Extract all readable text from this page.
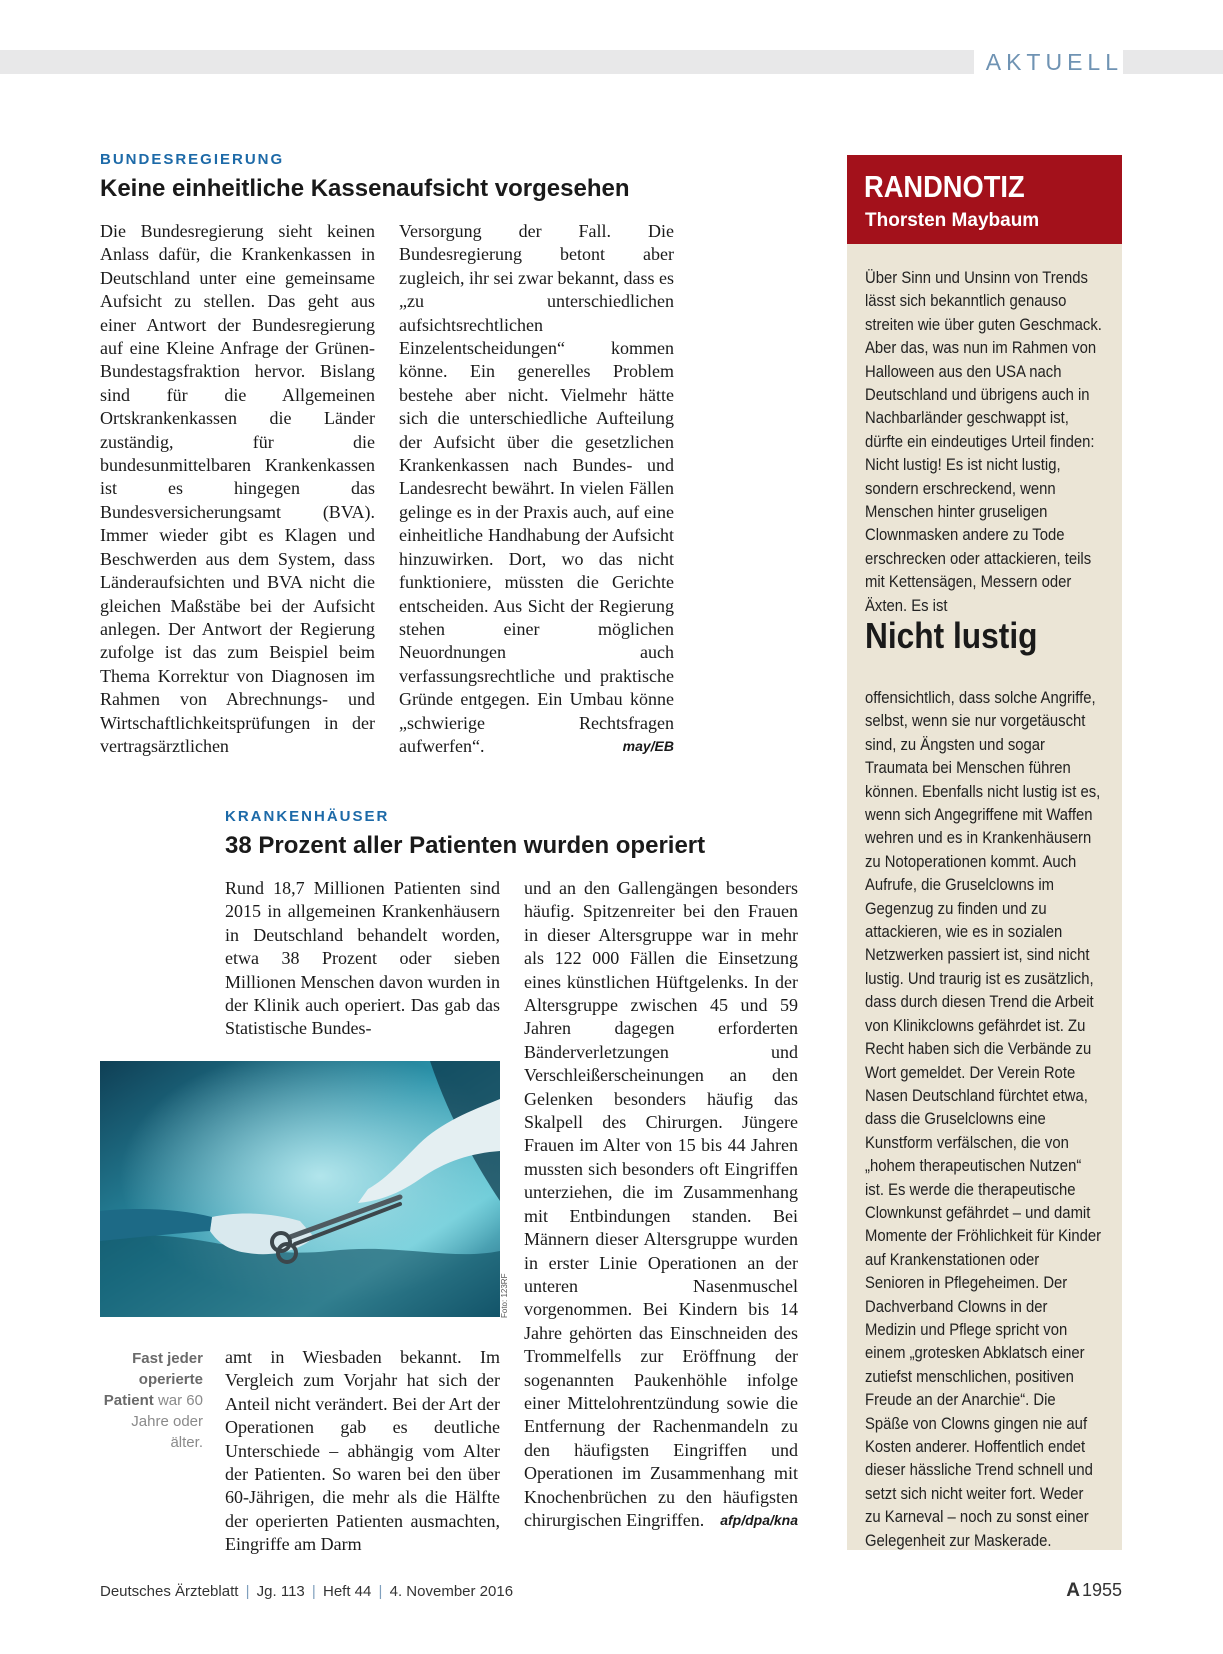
AKTUELL
BUNDESREGIERUNG
Keine einheitliche Kassenaufsicht vorgesehen

Die Bundesregierung sieht keinen Anlass dafür, die Krankenkassen in Deutschland unter eine gemeinsame Aufsicht zu stellen. Das geht aus einer Antwort der Bundesregierung auf eine Kleine Anfrage der Grünen-Bundestagsfraktion hervor. Bislang sind für die Allgemeinen Ortskrankenkassen die Länder zuständig, für die bundesunmittelbaren Krankenkassen ist es hingegen das Bundesversicherungsamt (BVA). Immer wieder gibt es Klagen und Beschwerden aus dem System, dass Länderaufsichten und BVA nicht die gleichen Maßstäbe bei der Aufsicht anlegen. Der Antwort der Regierung zufolge ist das zum Beispiel beim Thema Korrektur von Diagnosen im Rahmen von Abrechnungs- und Wirtschaftlichkeitsprüfungen in der vertragsärztlichen

Versorgung der Fall. Die Bundesregierung betont aber zugleich, ihr sei zwar bekannt, dass es „zu unterschiedlichen aufsichtsrechtlichen Einzelentscheidungen“ kommen könne. Ein generelles Problem bestehe aber nicht. Vielmehr hätte sich die unterschiedliche Aufteilung der Aufsicht über die gesetzlichen Krankenkassen nach Bundes- und Landesrecht bewährt. In vielen Fällen gelinge es in der Praxis auch, auf eine einheitliche Handhabung der Aufsicht hinzuwirken. Dort, wo das nicht funktioniere, müssten die Gerichte entscheiden. Aus Sicht der Regierung stehen einer möglichen Neuordnungen auch verfassungsrechtliche und praktische Gründe entgegen. Ein Umbau könne „schwierige Rechtsfragen aufwerfen“.	may/EB

KRANKENHÄUSER
38 Prozent aller Patienten wurden operiert

Rund 18,7 Millionen Patienten sind 2015 in allgemeinen Krankenhäusern in Deutschland behandelt worden, etwa 38 Prozent oder sieben Millionen Menschen davon wurden in der Klinik auch operiert. Das gab das Statistische Bundes-

Foto: 123RF

Fast jeder operierte Patient war 60 Jahre oder älter.

amt in Wiesbaden bekannt. Im Vergleich zum Vorjahr hat sich der Anteil nicht verändert. Bei der Art der Operationen gab es deutliche Unterschiede – abhängig vom Alter der Patienten. So waren bei den über 60-Jährigen, die mehr als die Hälfte der operierten Patienten ausmachten, Eingriffe am Darm

und an den Gallengängen besonders häufig. Spitzenreiter bei den Frauen in dieser Altersgruppe war in mehr als 122 000 Fällen die Einsetzung eines künstlichen Hüftgelenks. In der Altersgruppe zwischen 45 und 59 Jahren dagegen erforderten Bänderverletzungen und Verschleißerscheinungen an den Gelenken besonders häufig das Skalpell des Chirurgen. Jüngere Frauen im Alter von 15 bis 44 Jahren mussten sich besonders oft Eingriffen unterziehen, die im Zusammenhang mit Entbindungen standen. Bei Männern dieser Altersgruppe wurden in erster Linie Operationen an der unteren Nasenmuschel vorgenommen. Bei Kindern bis 14 Jahre gehörten das Einschneiden des Trommelfells zur Eröffnung der sogenannten Paukenhöhle infolge einer Mittelohrentzündung sowie die Entfernung der Rachenmandeln zu den häufigsten Eingriffen und Operationen im Zusammenhang mit Knochenbrüchen zu den häufigsten chirurgischen Eingriffen. afp/dpa/kna

RANDNOTIZ
Thorsten Maybaum

Über Sinn und Unsinn von Trends lässt sich bekanntlich genauso streiten wie über guten Geschmack. Aber das, was nun im Rahmen von Halloween aus den USA nach Deutschland und übrigens auch in Nachbarländer geschwappt ist, dürfte ein eindeutiges Urteil finden: Nicht lustig! Es ist nicht lustig, sondern erschreckend, wenn Menschen hinter gruseligen Clownmasken andere zu Tode erschrecken oder attackieren, teils mit Kettensägen, Messern oder Äxten. Es ist

Nicht lustig

offensichtlich, dass solche Angriffe, selbst, wenn sie nur vorgetäuscht sind, zu Ängsten und sogar Traumata bei Menschen führen können. Ebenfalls nicht lustig ist es, wenn sich Angegriffene mit Waffen wehren und es in Krankenhäusern zu Notoperationen kommt. Auch Aufrufe, die Gruselclowns im Gegenzug zu finden und zu attackieren, wie es in sozialen Netzwerken passiert ist, sind nicht lustig. Und traurig ist es zusätzlich, dass durch diesen Trend die Arbeit von Klinikclowns gefährdet ist. Zu Recht haben sich die Verbände zu Wort gemeldet. Der Verein Rote Nasen Deutschland fürchtet etwa, dass die Gruselclowns eine Kunstform verfälschen, die von „hohem therapeutischen Nutzen“ ist. Es werde die therapeutische Clownkunst gefährdet – und damit Momente der Fröhlichkeit für Kinder auf Krankenstationen oder Senioren in Pflegeheimen. Der Dachverband Clowns in der Medizin und Pflege spricht von einem „grotesken Abklatsch einer zutiefst menschlichen, positiven Freude an der Anarchie“. Die Späße von Clowns gingen nie auf Kosten anderer. Hoffentlich endet dieser hässliche Trend schnell und setzt sich nicht weiter fort. Weder zu Karneval – noch zu sonst einer Gelegenheit zur Maskerade.

Deutsches Ärzteblatt | Jg. 113 | Heft 44 | 4. November 2016	A 1955
